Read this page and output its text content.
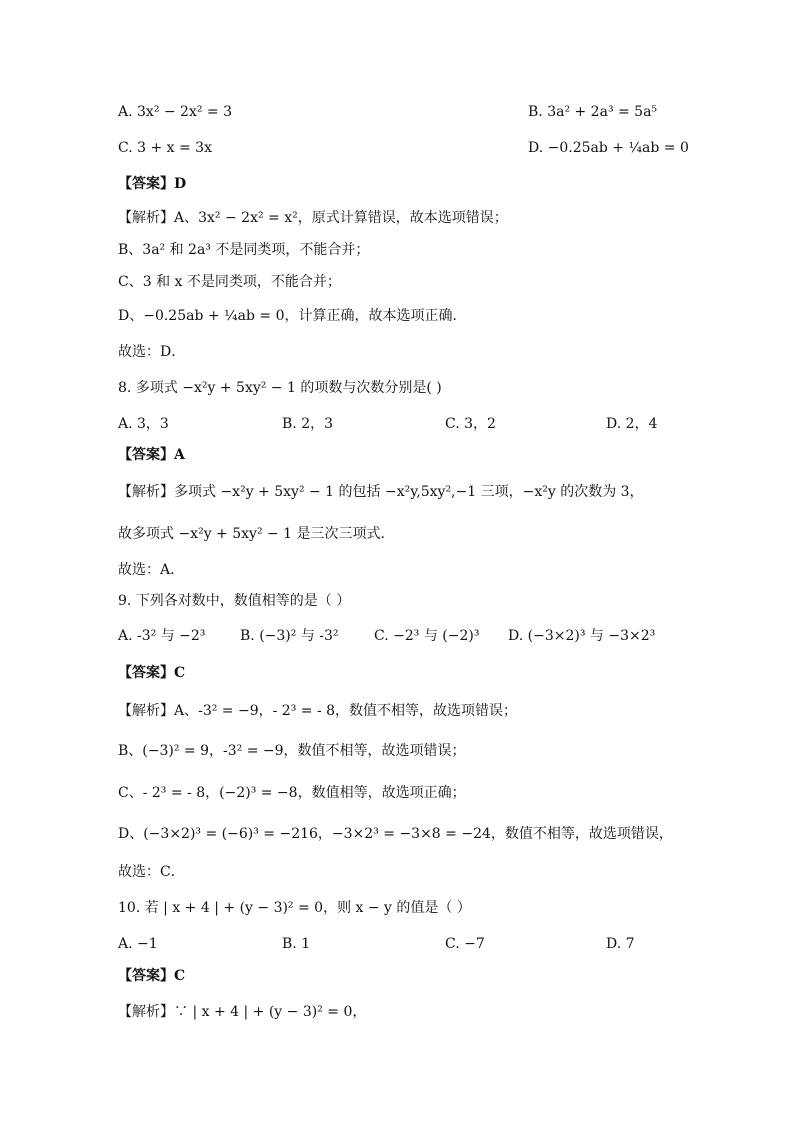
A. 3x² − 2x² = 3	B. 3a² + 2a³ = 5a⁵
C. 3 + x = 3x	D. −0.25ab + ¼ab = 0
【答案】D
【解析】A、3x² − 2x² = x²，原式计算错误，故本选项错误；
B、3a² 和 2a³ 不是同类项，不能合并；
C、3 和 x 不是同类项，不能合并；
D、−0.25ab + ¼ab = 0，计算正确，故本选项正确．
故选：D．
8. 多项式 −x²y + 5xy² − 1 的项数与次数分别是( )
A. 3，3	B. 2，3	C. 3，2	D. 2，4
【答案】A
【解析】多项式 −x²y + 5xy² − 1 的包括 −x²y,5xy²,−1 三项，−x²y 的次数为 3，
故多项式 −x²y + 5xy² − 1 是三次三项式．
故选：A．
9. 下列各对数中，数值相等的是（ ）
A. -3² 与 −2³ B. (−3)² 与 -3²	C. −2³ 与 (−2)³ D. (−3×2)³ 与 −3×2³
【答案】C
【解析】A、-3² = −9，- 2³ = - 8，数值不相等，故选项错误；
B、(−3)² = 9，-3² = −9，数值不相等，故选项错误；
C、- 2³ = - 8，(−2)³ = −8，数值相等，故选项正确；
D、(−3×2)³ = (−6)³ = −216，−3×2³ = −3×8 = −24，数值不相等，故选项错误，
故选：C．
10. 若 | x + 4 | + (y − 3)² = 0，则 x − y 的值是（ ）
A. −1	B. 1	C. −7	D. 7
【答案】C
【解析】∵ | x + 4 | + (y − 3)² = 0，
